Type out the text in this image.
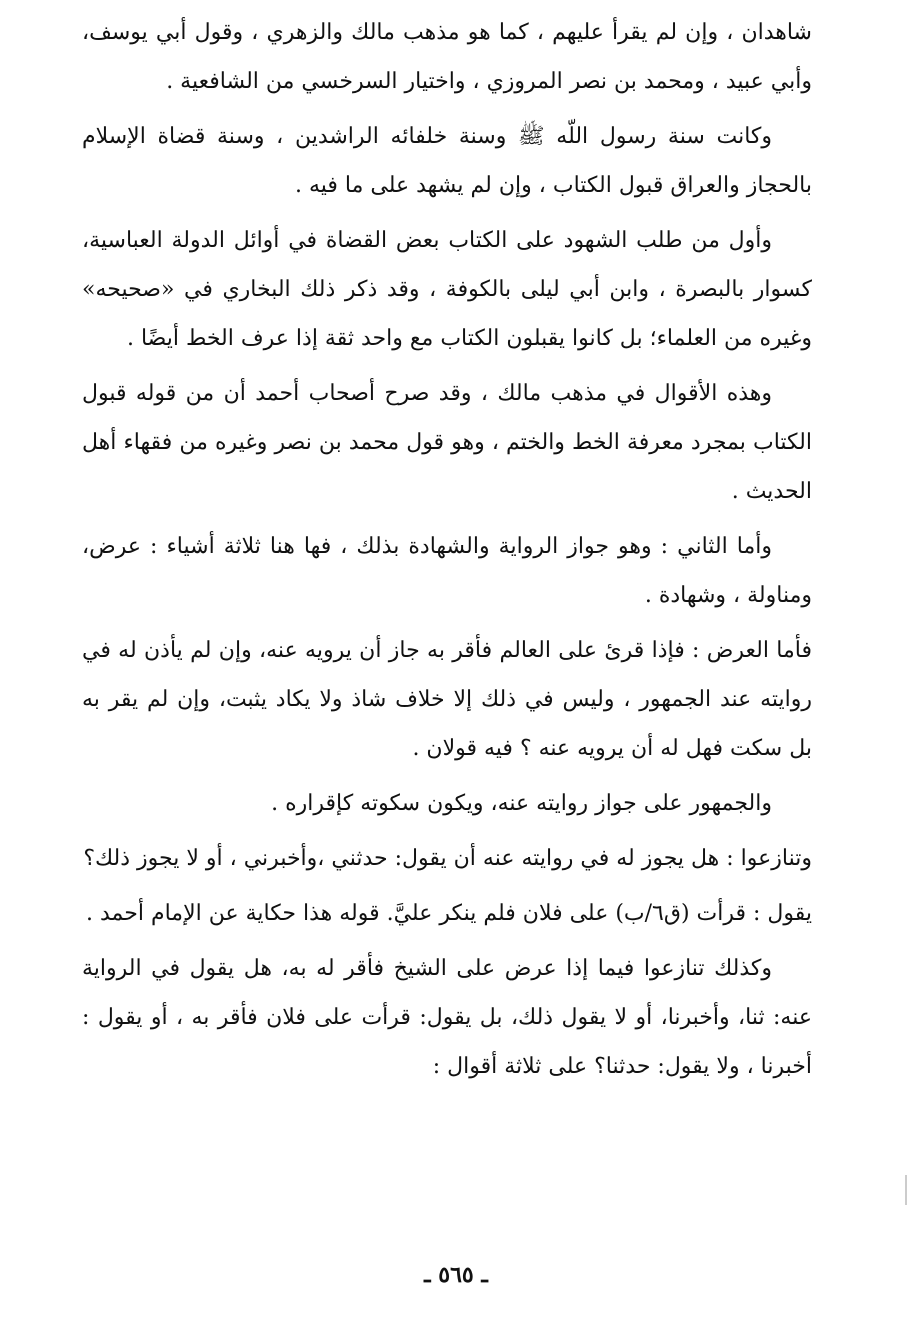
شاهدان ، وإن لم يقرأ عليهم ، كما هو مذهب مالك والزهري ، وقول أبي يوسف، وأبي عبيد ، ومحمد بن نصر المروزي ، واختيار السرخسي من الشافعية .

وكانت سنة رسول اللّه ﷺ وسنة خلفائه الراشدين ، وسنة قضاة الإسلام بالحجاز والعراق قبول الكتاب ، وإن لم يشهد على ما فيه .

وأول من طلب الشهود على الكتاب بعض القضاة في أوائل الدولة العباسية، كسوار بالبصرة ، وابن أبي ليلى بالكوفة ، وقد ذكر ذلك البخاري في «صحيحه» وغيره من العلماء؛ بل كانوا يقبلون الكتاب مع واحد ثقة إذا عرف الخط أيضًا .

وهذه الأقوال في مذهب مالك ، وقد صرح أصحاب أحمد أن من قوله قبول الكتاب بمجرد معرفة الخط والختم ، وهو قول محمد بن نصر وغيره من فقهاء أهل الحديث .

وأما الثاني : وهو جواز الرواية والشهادة بذلك ، فها هنا ثلاثة أشياء : عرض، ومناولة ، وشهادة .

فأما العرض : فإذا قرئ على العالم فأقر به جاز أن يرويه عنه، وإن لم يأذن له في روايته عند الجمهور ، وليس في ذلك إلا خلاف شاذ ولا يكاد يثبت، وإن لم يقر به بل سكت فهل له أن يرويه عنه ؟ فيه قولان .

والجمهور على جواز روايته عنه، ويكون سكوته كإقراره .

وتنازعوا : هل يجوز له في روايته عنه أن يقول: حدثني ،وأخبرني ، أو لا يجوز ذلك؟

يقول : قرأت (ق٦/ب) على فلان فلم ينكر عليَّ. قوله هذا حكاية عن الإمام أحمد .

وكذلك تنازعوا فيما إذا عرض على الشيخ فأقر له به، هل يقول في الرواية عنه: ثنا، وأخبرنا، أو لا يقول ذلك، بل يقول: قرأت على فلان فأقر به ، أو يقول : أخبرنا ، ولا يقول: حدثنا؟ على ثلاثة أقوال :

ـ ٥٦٥ ـ
